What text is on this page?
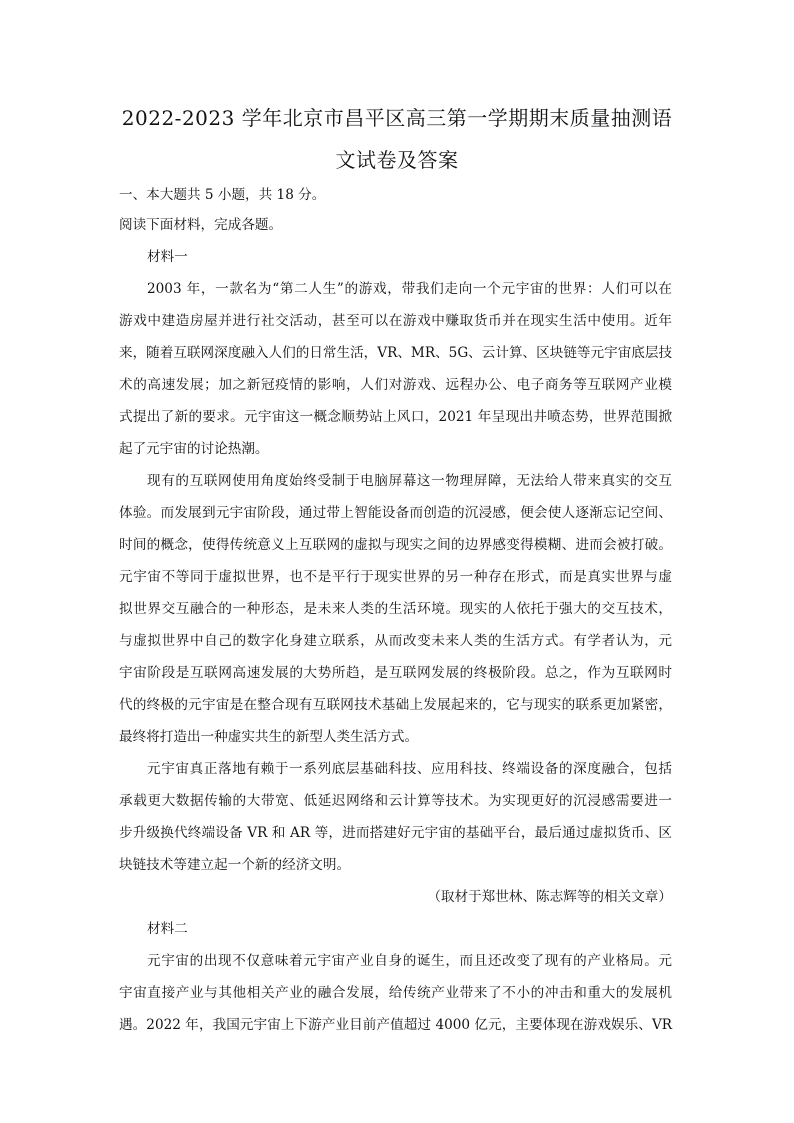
2022-2023 学年北京市昌平区高三第一学期期末质量抽测语
文试卷及答案
一、本大题共 5 小题，共 18 分。
阅读下面材料，完成各题。
材料一
2003 年，一款名为“第二人生”的游戏，带我们走向一个元宇宙的世界：人们可以在
游戏中建造房屋并进行社交活动，甚至可以在游戏中赚取货币并在现实生活中使用。近年
来，随着互联网深度融入人们的日常生活，VR、MR、5G、云计算、区块链等元宇宙底层技
术的高速发展；加之新冠疫情的影响，人们对游戏、远程办公、电子商务等互联网产业模
式提出了新的要求。元宇宙这一概念顺势站上风口，2021 年呈现出井喷态势，世界范围掀
起了元宇宙的讨论热潮。
现有的互联网使用角度始终受制于电脑屏幕这一物理屏障，无法给人带来真实的交互
体验。而发展到元宇宙阶段，通过带上智能设备而创造的沉浸感，便会使人逐渐忘记空间、
时间的概念，使得传统意义上互联网的虚拟与现实之间的边界感变得模糊、进而会被打破。
元宇宙不等同于虚拟世界，也不是平行于现实世界的另一种存在形式，而是真实世界与虚
拟世界交互融合的一种形态，是未来人类的生活环境。现实的人依托于强大的交互技术，
与虚拟世界中自己的数字化身建立联系，从而改变未来人类的生活方式。有学者认为，元
宇宙阶段是互联网高速发展的大势所趋，是互联网发展的终极阶段。总之，作为互联网时
代的终极的元宇宙是在整合现有互联网技术基础上发展起来的，它与现实的联系更加紧密，
最终将打造出一种虚实共生的新型人类生活方式。
元宇宙真正落地有赖于一系列底层基础科技、应用科技、终端设备的深度融合，包括
承载更大数据传输的大带宽、低延迟网络和云计算等技术。为实现更好的沉浸感需要进一
步升级换代终端设备 VR 和 AR 等，进而搭建好元宇宙的基础平台，最后通过虚拟货币、区
块链技术等建立起一个新的经济文明。
（取材于郑世林、陈志辉等的相关文章）
材料二
元宇宙的出现不仅意味着元宇宙产业自身的诞生，而且还改变了现有的产业格局。元
宇宙直接产业与其他相关产业的融合发展，给传统产业带来了不小的冲击和重大的发展机
遇。2022 年，我国元宇宙上下游产业目前产值超过 4000 亿元，主要体现在游戏娱乐、VR
